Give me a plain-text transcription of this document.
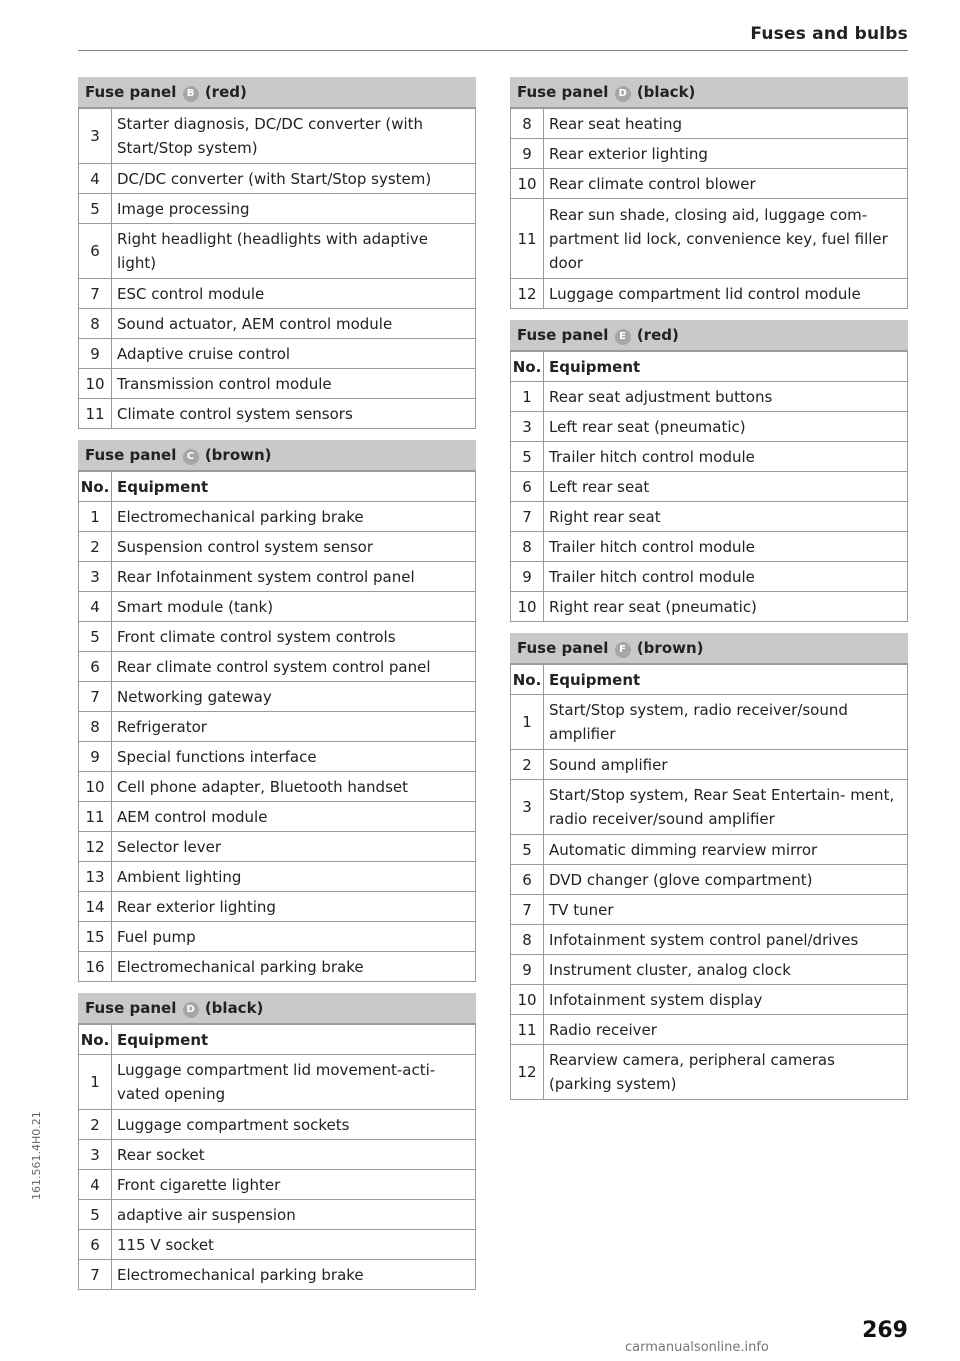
Fuses and bulbs
Fuse panel B (red)
3	Starter diagnosis, DC/DC converter (with Start/Stop system)
4	DC/DC converter (with Start/Stop system)
5	Image processing
6	Right headlight (headlights with adaptive light)
7	ESC control module
8	Sound actuator, AEM control module
9	Adaptive cruise control
10	Transmission control module
11	Climate control system sensors
Fuse panel C (brown)
No.	Equipment
1	Electromechanical parking brake
2	Suspension control system sensor
3	Rear Infotainment system control panel
4	Smart module (tank)
5	Front climate control system controls
6	Rear climate control system control panel
7	Networking gateway
8	Refrigerator
9	Special functions interface
10	Cell phone adapter, Bluetooth handset
11	AEM control module
12	Selector lever
13	Ambient lighting
14	Rear exterior lighting
15	Fuel pump
16	Electromechanical parking brake
Fuse panel D (black)
No.	Equipment
1	Luggage compartment lid movement-acti- vated opening
2	Luggage compartment sockets
3	Rear socket
4	Front cigarette lighter
5	adaptive air suspension
6	115 V socket
7	Electromechanical parking brake
Fuse panel D (black)
8	Rear seat heating
9	Rear exterior lighting
10	Rear climate control blower
11	Rear sun shade, closing aid, luggage com- partment lid lock, convenience key, fuel filler door
12	Luggage compartment lid control module
Fuse panel E (red)
No.	Equipment
1	Rear seat adjustment buttons
3	Left rear seat (pneumatic)
5	Trailer hitch control module
6	Left rear seat
7	Right rear seat
8	Trailer hitch control module
9	Trailer hitch control module
10	Right rear seat (pneumatic)
Fuse panel F (brown)
No.	Equipment
1	Start/Stop system, radio receiver/sound amplifier
2	Sound amplifier
3	Start/Stop system, Rear Seat Entertain- ment, radio receiver/sound amplifier
5	Automatic dimming rearview mirror
6	DVD changer (glove compartment)
7	TV tuner
8	Infotainment system control panel/drives
9	Instrument cluster, analog clock
10	Infotainment system display
11	Radio receiver
12	Rearview camera, peripheral cameras (parking system)
161.561.4H0.21
269
carmanualsonline.info
